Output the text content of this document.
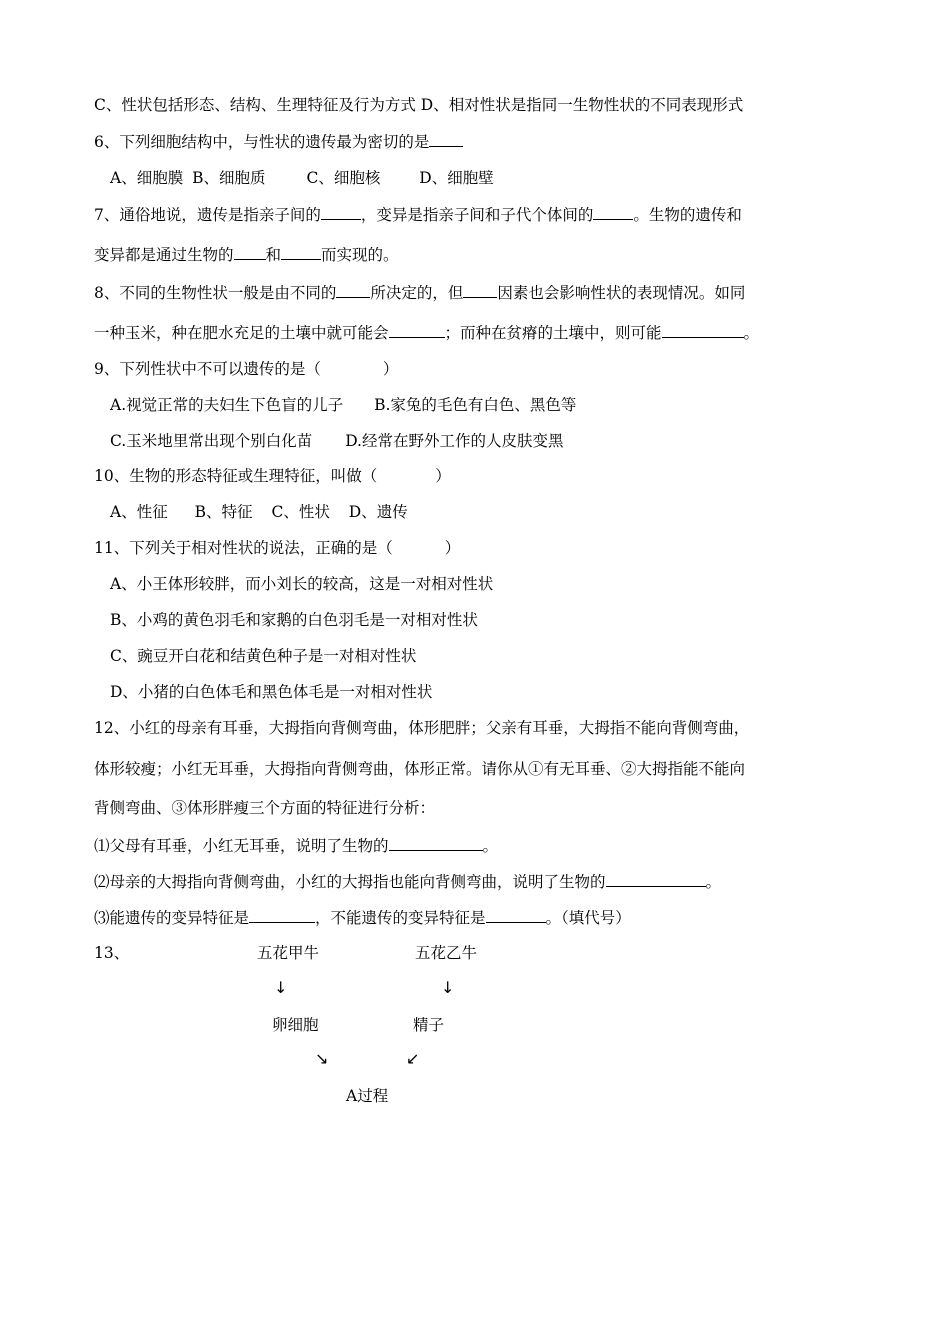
C、性状包括形态、结构、生理特征及行为方式 D、相对性状是指同一生物性状的不同表现形式
6、下列细胞结构中，与性状的遗传最为密切的是
A、细胞膜 B、细胞质	C、细胞核	D、细胞壁
7、通俗地说，遗传是指亲子间的	，变异是指亲子间和子代个体间的	。生物的遗传和
变异都是通过生物的 和	而实现的。
8、不同的生物性状一般是由不同的 所决定的，但 因素也会影响性状的表现情况。如同
一种玉米，种在肥水充足的土壤中就可能会	；而种在贫瘠的土壤中，则可能	。
9、下列性状中不可以遗传的是（	）
A.视觉正常的夫妇生下色盲的儿子 B.家兔的毛色有白色、黑色等
C.玉米地里常出现个别白化苗 D.经常在野外工作的人皮肤变黑
10、生物的形态特征或生理特征，叫做（	）
A、性征 B、特征 C、性状 D、遗传
11、下列关于相对性状的说法，正确的是（	）
A、小王体形较胖，而小刘长的较高，这是一对相对性状
B、小鸡的黄色羽毛和家鹅的白色羽毛是一对相对性状
C、豌豆开白花和结黄色种子是一对相对性状
D、小猪的白色体毛和黑色体毛是一对相对性状
12、小红的母亲有耳垂，大拇指向背侧弯曲，体形肥胖；父亲有耳垂，大拇指不能向背侧弯曲，
体形较瘦；小红无耳垂，大拇指向背侧弯曲，体形正常。请你从①有无耳垂、②大拇指能不能向
背侧弯曲、③体形胖瘦三个方面的特征进行分析：
⑴父母有耳垂，小红无耳垂，说明了生物的	。
⑵母亲的大拇指向背侧弯曲，小红的大拇指也能向背侧弯曲，说明了生物的	。
⑶能遗传的变异特征是	，不能遗传的变异特征是	。（填代号）
13、	五花甲牛	五花乙牛
↓	↓
卵细胞	精子
↘	↙
A过程
